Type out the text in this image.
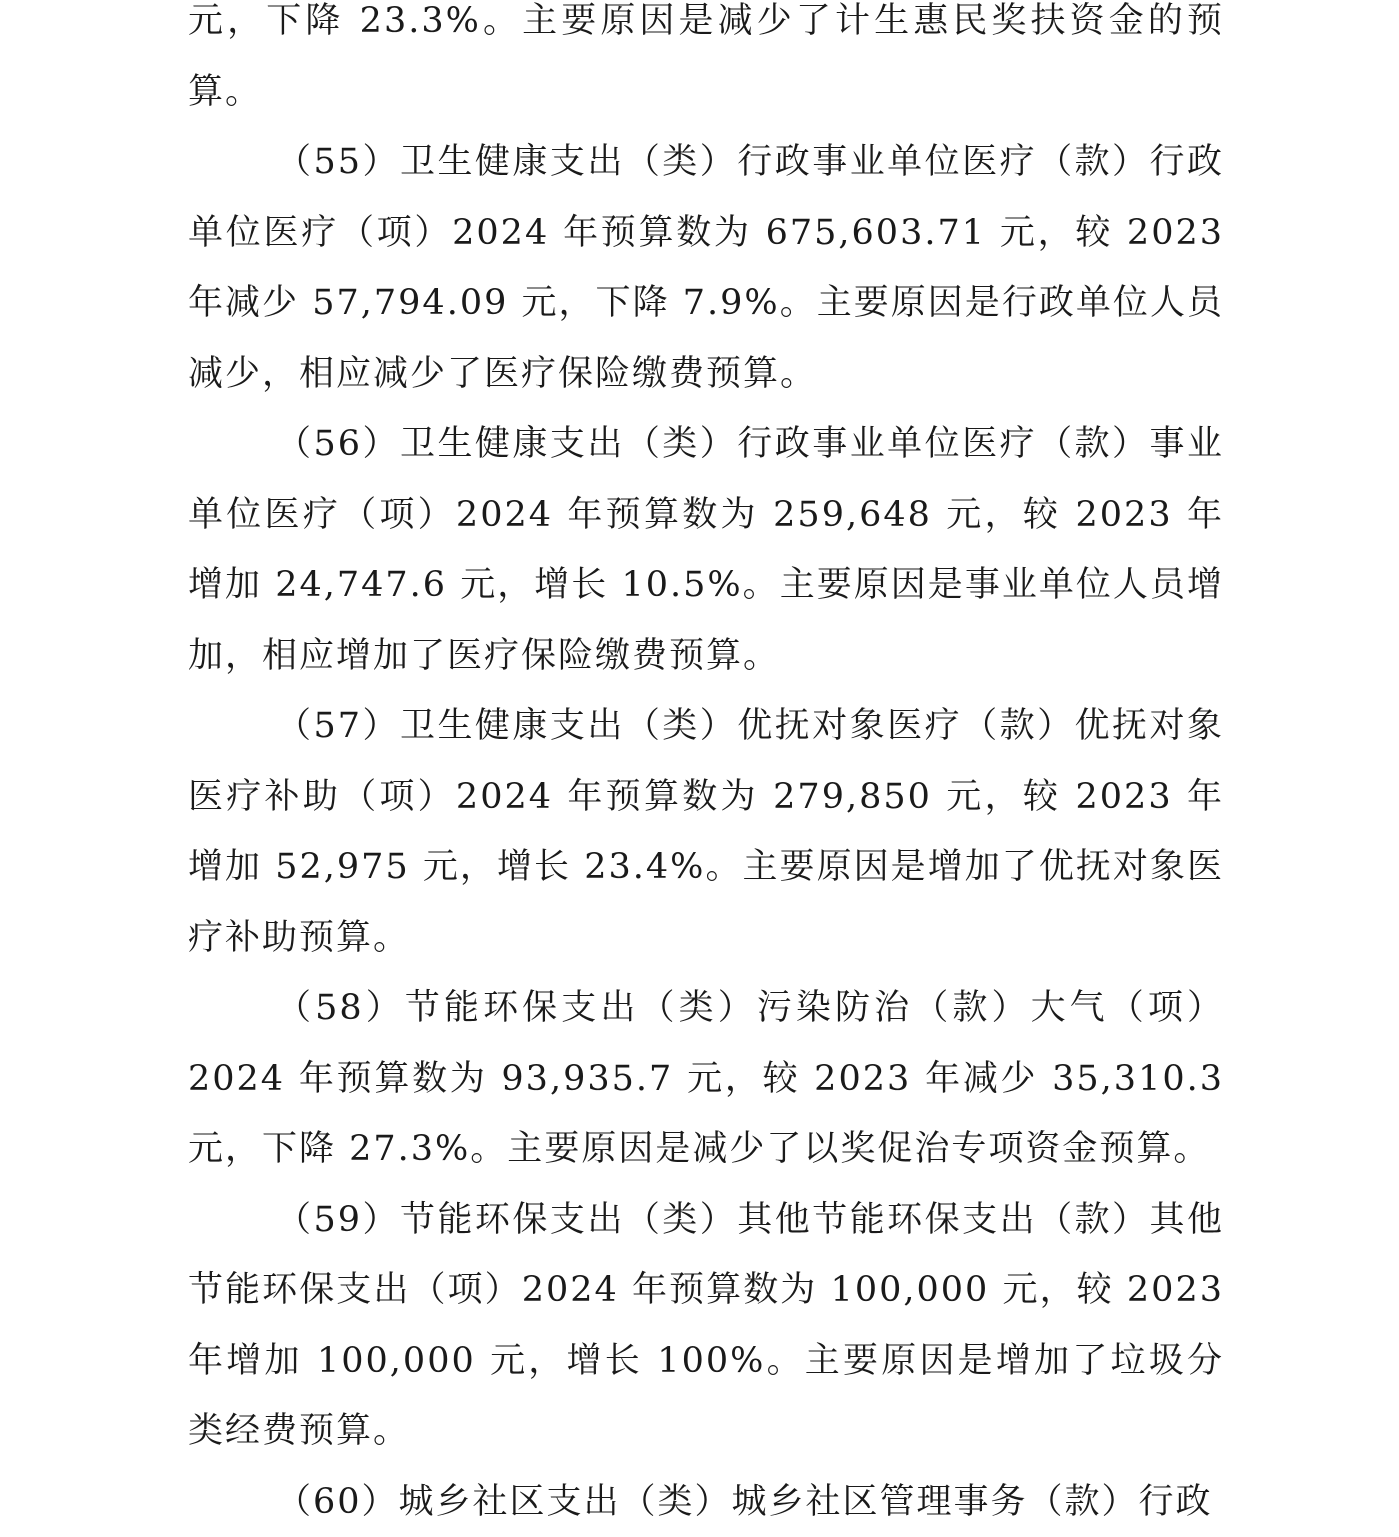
元，下降 23.3%。主要原因是减少了计生惠民奖扶资金的预算。

（55）卫生健康支出（类）行政事业单位医疗（款）行政单位医疗（项）2024 年预算数为 675,603.71 元，较 2023 年减少 57,794.09 元，下降 7.9%。主要原因是行政单位人员减少，相应减少了医疗保险缴费预算。

（56）卫生健康支出（类）行政事业单位医疗（款）事业单位医疗（项）2024 年预算数为 259,648 元，较 2023 年增加 24,747.6 元，增长 10.5%。主要原因是事业单位人员增加，相应增加了医疗保险缴费预算。

（57）卫生健康支出（类）优抚对象医疗（款）优抚对象医疗补助（项）2024 年预算数为 279,850 元，较 2023 年增加 52,975 元，增长 23.4%。主要原因是增加了优抚对象医疗补助预算。

（58）节能环保支出（类）污染防治（款）大气（项）2024 年预算数为 93,935.7 元，较 2023 年减少 35,310.3 元，下降 27.3%。主要原因是减少了以奖促治专项资金预算。

（59）节能环保支出（类）其他节能环保支出（款）其他节能环保支出（项）2024 年预算数为 100,000 元，较 2023 年增加 100,000 元，增长 100%。主要原因是增加了垃圾分类经费预算。

（60）城乡社区支出（类）城乡社区管理事务（款）行政
